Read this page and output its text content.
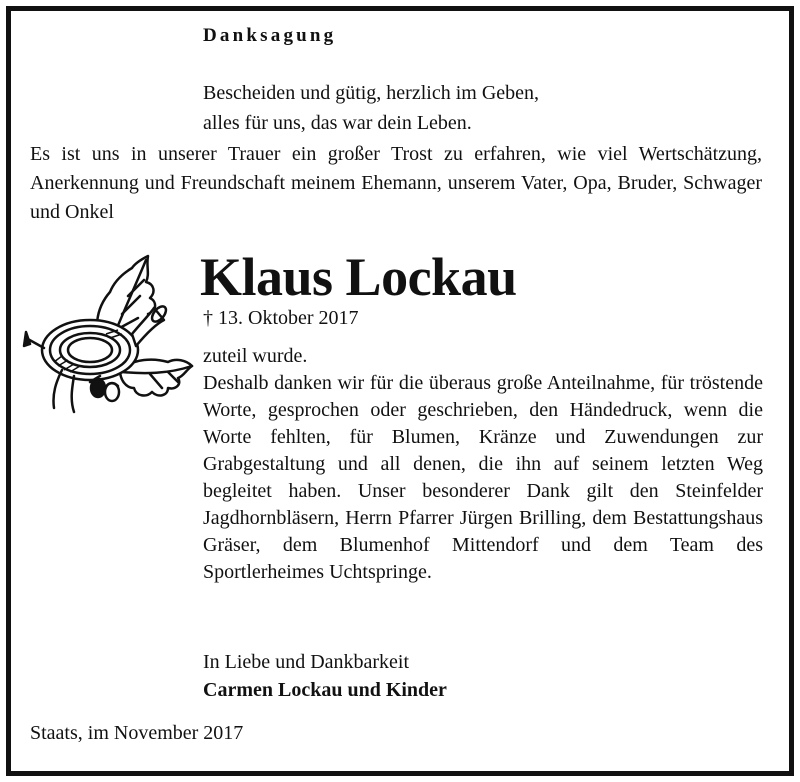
Danksagung
Bescheiden und gütig, herzlich im Geben,
alles für uns, das war dein Leben.
Es ist uns in unserer Trauer ein großer Trost zu erfahren, wie viel Wertschätzung, Anerkennung und Freundschaft meinem Ehemann, unserem Vater, Opa, Bruder, Schwager und Onkel
Klaus Lockau
† 13. Oktober 2017
zuteil wurde.
Deshalb danken wir für die überaus große Anteilnahme, für tröstende Worte, gesprochen oder geschrieben, den Händedruck, wenn die Worte fehlten, für Blumen, Kränze und Zuwendungen zur Grabgestaltung und all denen, die ihn auf seinem letzten Weg begleitet haben. Unser besonderer Dank gilt den Steinfelder Jagdhornbläsern, Herrn Pfarrer Jürgen Brilling, dem Bestattungshaus Gräser, dem Blumenhof Mittendorf und dem Team des Sportlerheimes Uchtspringe.
In Liebe und Dankbarkeit
Carmen Lockau und Kinder
Staats, im November 2017
